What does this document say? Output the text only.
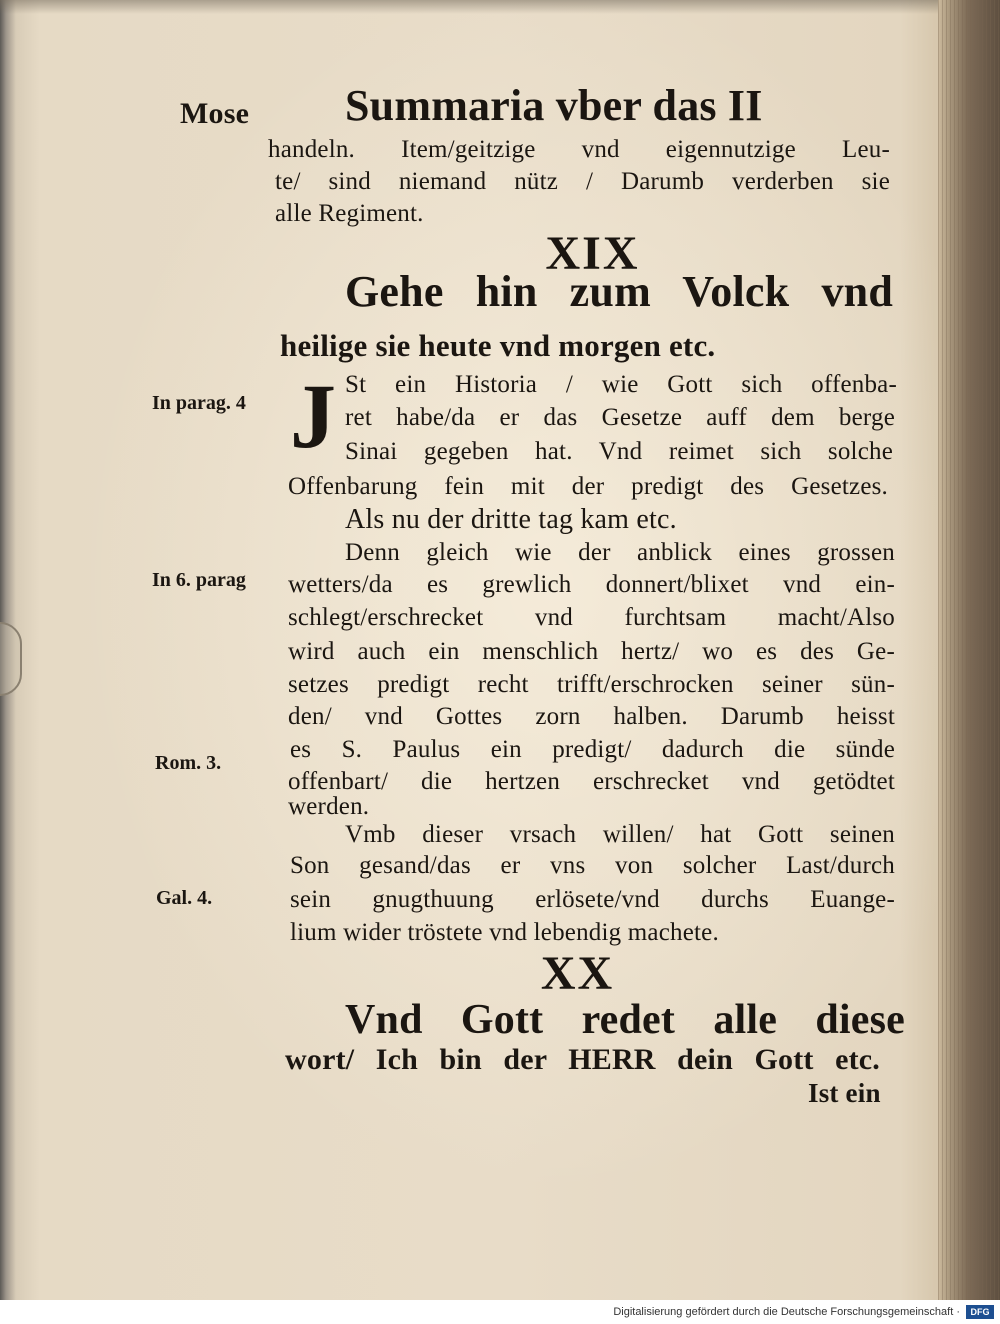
Mose	Summaria vber das II
handeln. Item/geitzige vnd eigennutzige Leu-
te/ sind niemand nütz / Darumb verderben sie
alle Regiment.
XIX
Gehe hin zum Volck vnd
heilige sie heute vnd morgen etc.
In parag. 4 J St ein Historia / wie Gott sich offenba-
ret habe/da er das Gesetze auff dem berge
Sinai gegeben hat. Vnd reimet sich solche
Offenbarung fein mit der predigt des Gesetzes.
Als nu der dritte tag kam etc.
Denn gleich wie der anblick eines grossen
In 6. parag	wetters/da es grewlich donnert/blixet vnd ein-
schlegt/erschrecket vnd furchtsam macht/Also
wird auch ein menschlich hertz/ wo es des Ge-
setzes predigt recht trifft/erschrocken seiner sün-
den/ vnd Gottes zorn halben. Darumb heisst
es S. Paulus ein predigt/ dadurch die sünde
Rom. 3.
offenbart/ die hertzen erschrecket vnd getödtet
werden.
Vmb dieser vrsach willen/ hat Gott seinen
Son gesand/das er vns von solcher Last/durch
Gal. 4.	sein gnugthuung erlösete/vnd durchs Euange-
lium wider tröstete vnd lebendig machete.
XX
Vnd Gott redet alle diese
wort/ Ich bin der HERR dein Gott etc.
Ist ein
Digitalisierung gefördert durch die Deutsche Forschungsgemeinschaft ·	DFG
